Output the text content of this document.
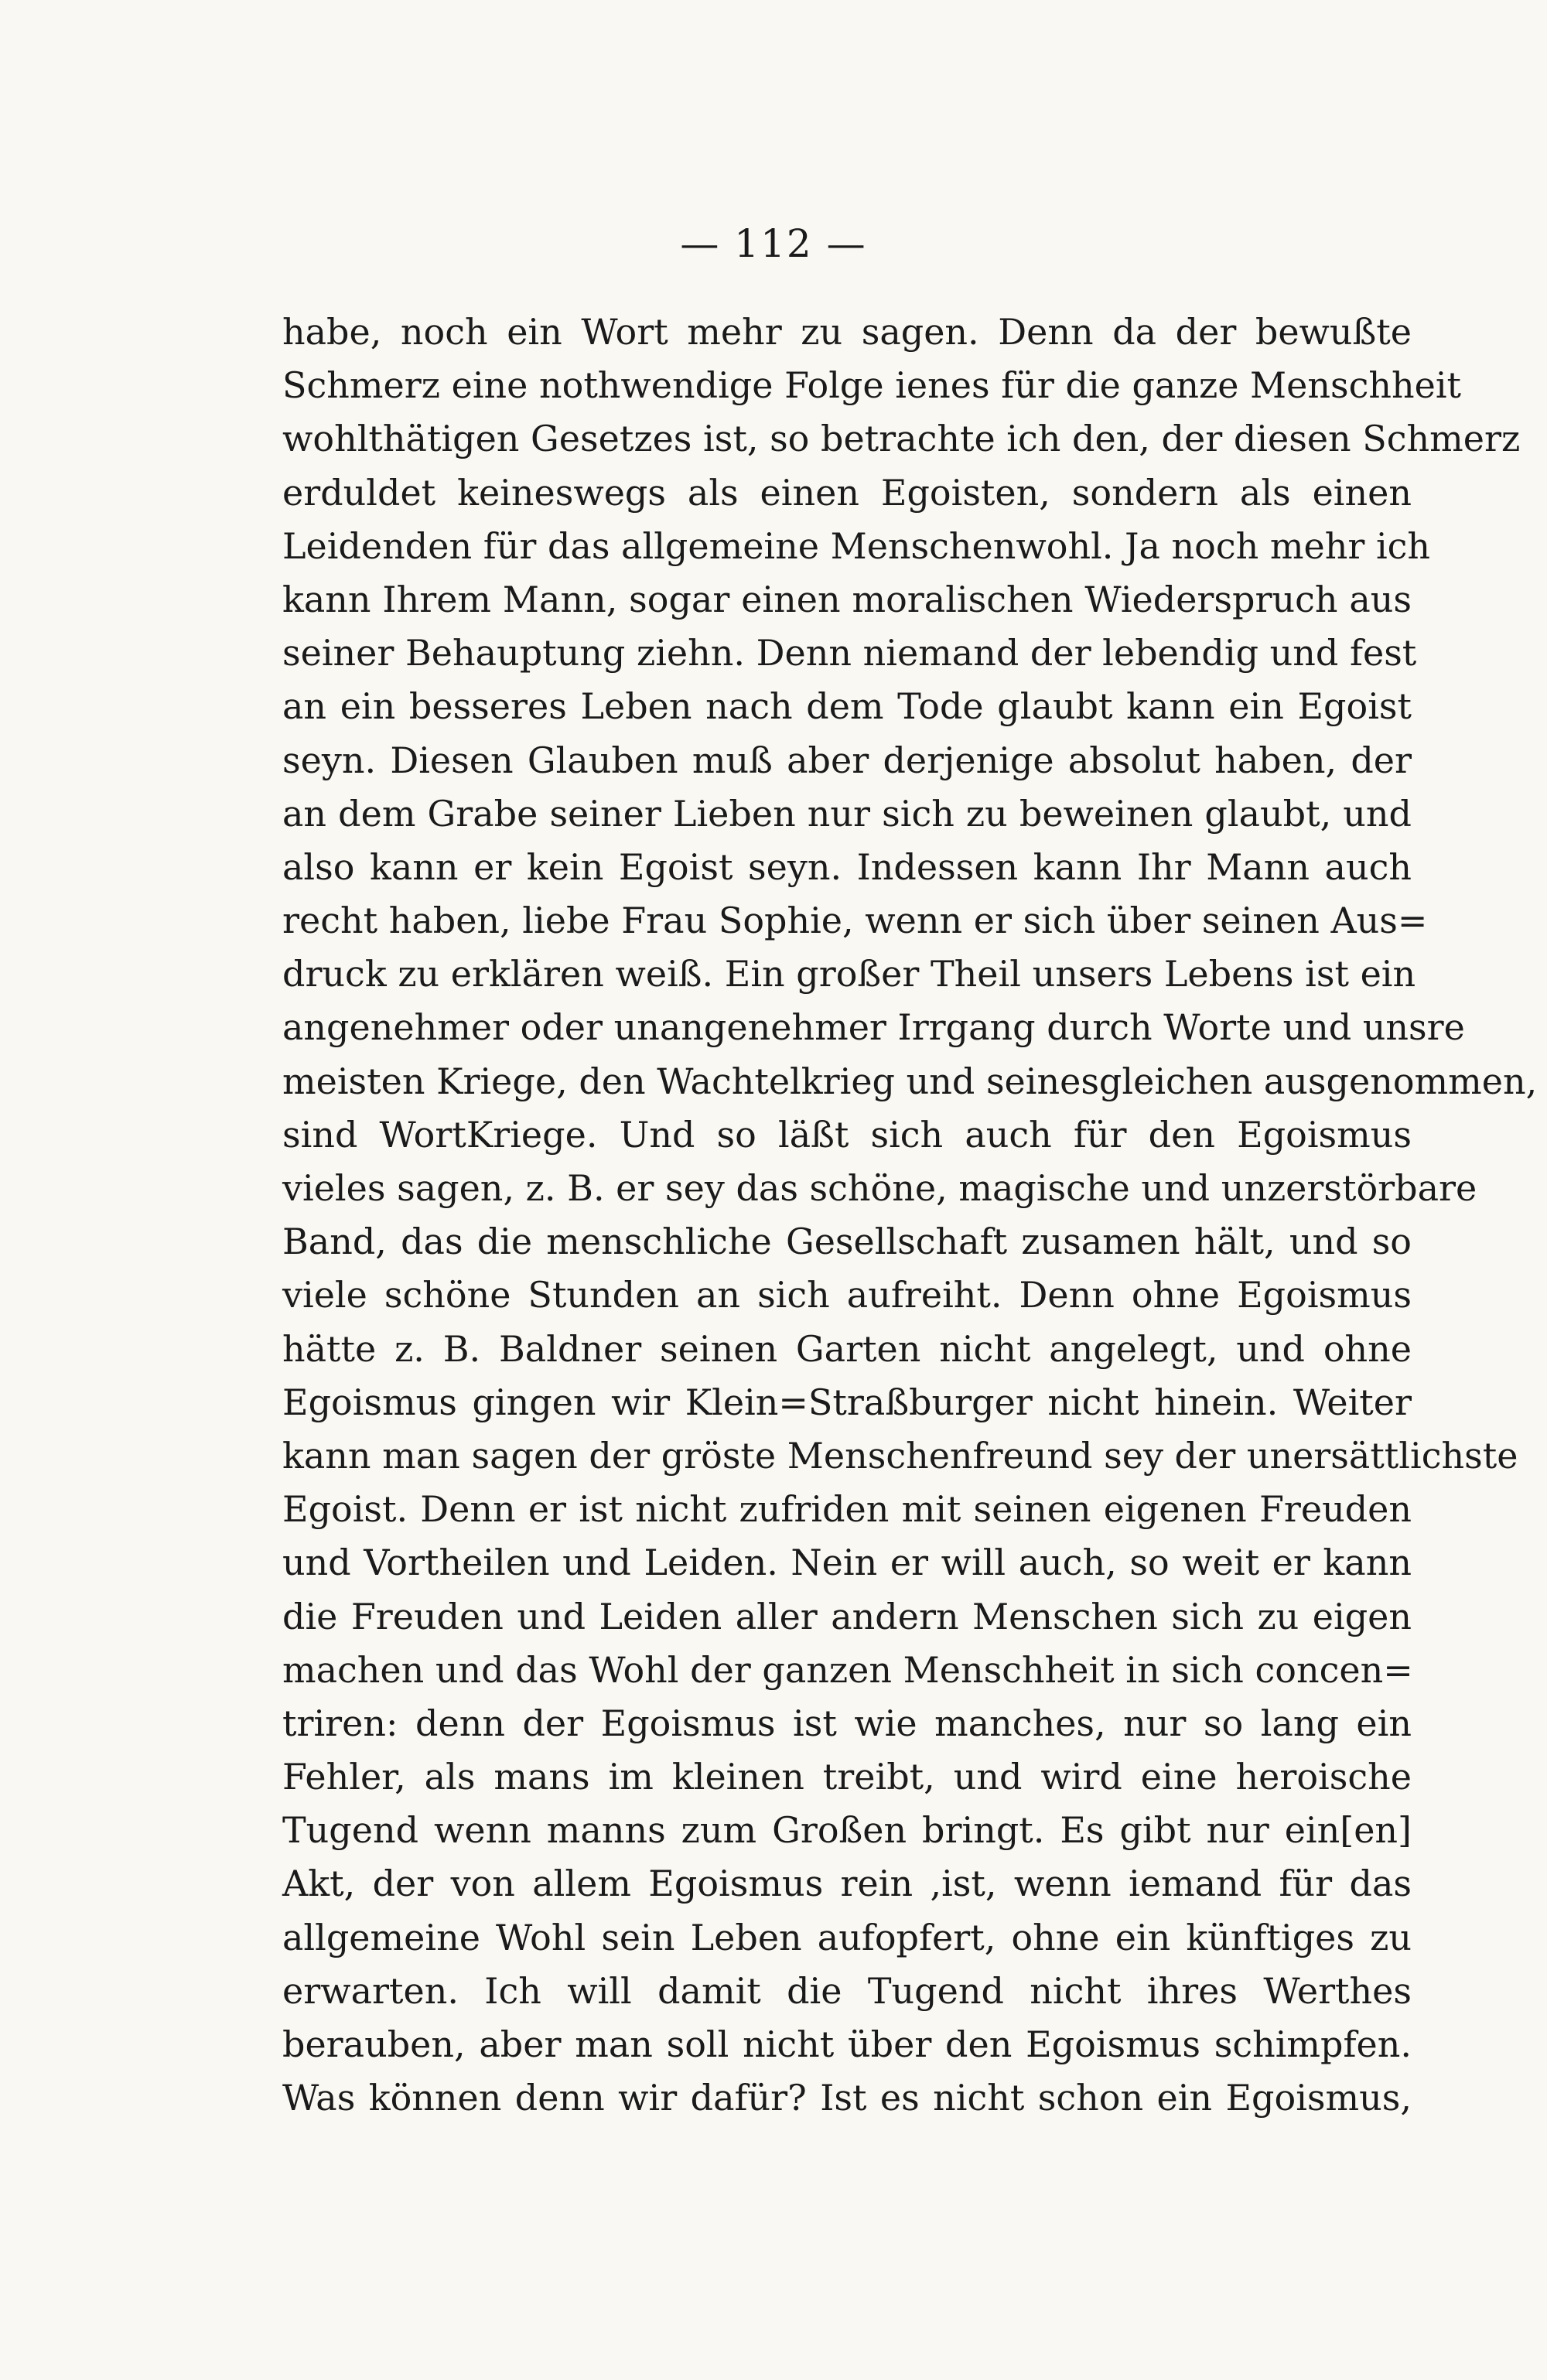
— 112 —
habe, noch ein Wort mehr zu sagen. Denn da der bewußte
Schmerz eine nothwendige Folge ienes für die ganze Menschheit
wohlthätigen Gesetzes ist, so betrachte ich den, der diesen Schmerz
erduldet keineswegs als einen Egoisten, sondern als einen
Leidenden für das allgemeine Menschenwohl. Ja noch mehr ich
kann Ihrem Mann, sogar einen moralischen Wiederspruch aus
seiner Behauptung ziehn. Denn niemand der lebendig und fest
an ein besseres Leben nach dem Tode glaubt kann ein Egoist
seyn. Diesen Glauben muß aber derjenige absolut haben, der
an dem Grabe seiner Lieben nur sich zu beweinen glaubt, und
also kann er kein Egoist seyn. Indessen kann Ihr Mann auch
recht haben, liebe Frau Sophie, wenn er sich über seinen Aus=
druck zu erklären weiß. Ein großer Theil unsers Lebens ist ein
angenehmer oder unangenehmer Irrgang durch Worte und unsre
meisten Kriege, den Wachtelkrieg und seinesgleichen ausgenommen,
sind WortKriege. Und so läßt sich auch für den Egoismus
vieles sagen, z. B. er sey das schöne, magische und unzerstörbare
Band, das die menschliche Gesellschaft zusamen hält, und so
viele schöne Stunden an sich aufreiht. Denn ohne Egoismus
hätte z. B. Baldner seinen Garten nicht angelegt, und ohne
Egoismus gingen wir Klein=Straßburger nicht hinein. Weiter
kann man sagen der gröste Menschenfreund sey der unersättlichste
Egoist. Denn er ist nicht zufriden mit seinen eigenen Freuden
und Vortheilen und Leiden. Nein er will auch, so weit er kann
die Freuden und Leiden aller andern Menschen sich zu eigen
machen und das Wohl der ganzen Menschheit in sich concen=
triren: denn der Egoismus ist wie manches, nur so lang ein
Fehler, als mans im kleinen treibt, und wird eine heroische
Tugend wenn manns zum Großen bringt. Es gibt nur ein[en]
Akt, der von allem Egoismus rein ,ist, wenn iemand für das
allgemeine Wohl sein Leben aufopfert, ohne ein künftiges zu
erwarten. Ich will damit die Tugend nicht ihres Werthes
berauben, aber man soll nicht über den Egoismus schimpfen.
Was können denn wir dafür? Ist es nicht schon ein Egoismus,
